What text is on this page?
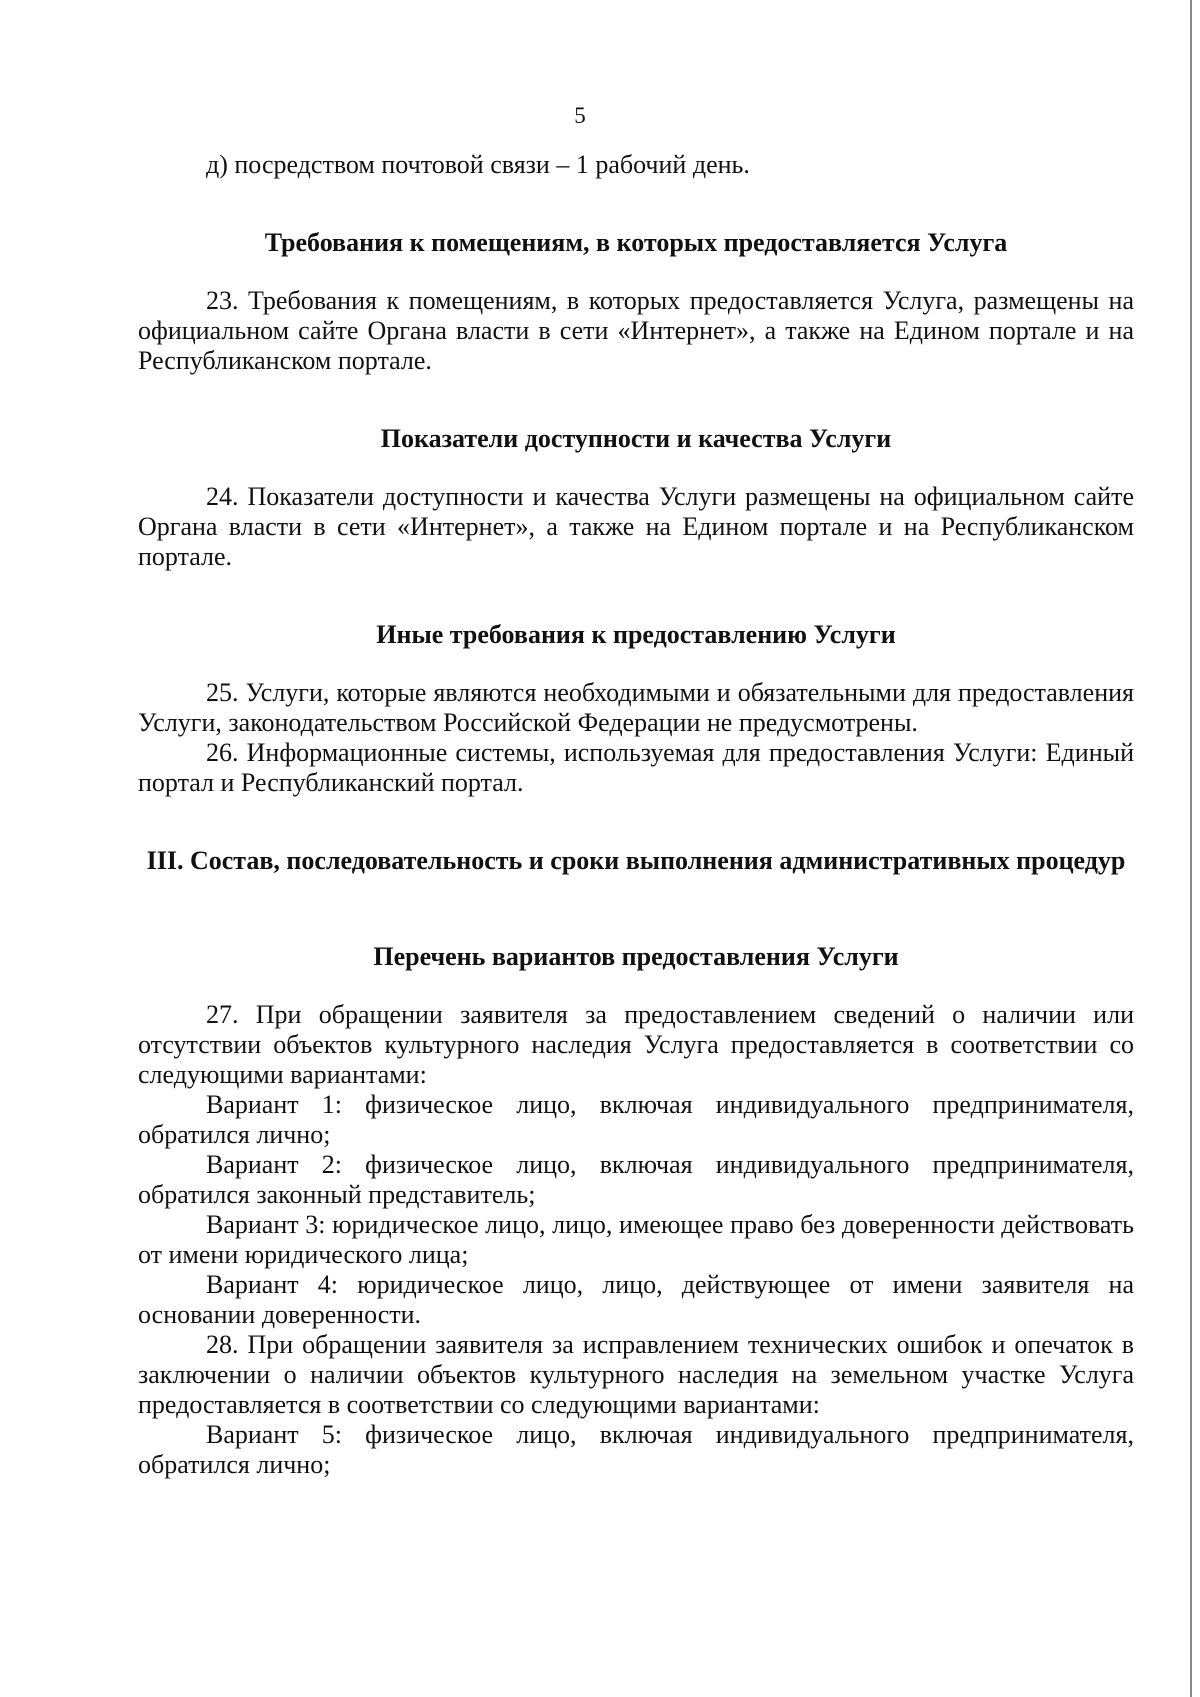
5

д) посредством почтовой связи – 1 рабочий день.

Требования к помещениям, в которых предоставляется Услуга

23. Требования к помещениям, в которых предоставляется Услуга, размещены на официальном сайте Органа власти в сети «Интернет», а также на Едином портале и на Республиканском портале.

Показатели доступности и качества Услуги

24. Показатели доступности и качества Услуги размещены на официальном сайте Органа власти в сети «Интернет», а также на Едином портале и на Республиканском портале.

Иные требования к предоставлению Услуги

25. Услуги, которые являются необходимыми и обязательными для предоставления Услуги, законодательством Российской Федерации не предусмотрены.

26. Информационные системы, используемая для предоставления Услуги: Единый портал и Республиканский портал.

III. Состав, последовательность и сроки выполнения административных процедур
Перечень вариантов предоставления Услуги

27. При обращении заявителя за предоставлением сведений о наличии или отсутствии объектов культурного наследия Услуга предоставляется в соответствии со следующими вариантами:

Вариант 1: физическое лицо, включая индивидуального предпринимателя, обратился лично;

Вариант 2: физическое лицо, включая индивидуального предпринимателя, обратился законный представитель;

Вариант 3: юридическое лицо, лицо, имеющее право без доверенности действовать от имени юридического лица;

Вариант 4: юридическое лицо, лицо, действующее от имени заявителя на основании доверенности.

28. При обращении заявителя за исправлением технических ошибок и опечаток в заключении о наличии объектов культурного наследия на земельном участке Услуга предоставляется в соответствии со следующими вариантами:

Вариант 5: физическое лицо, включая индивидуального предпринимателя, обратился лично;
